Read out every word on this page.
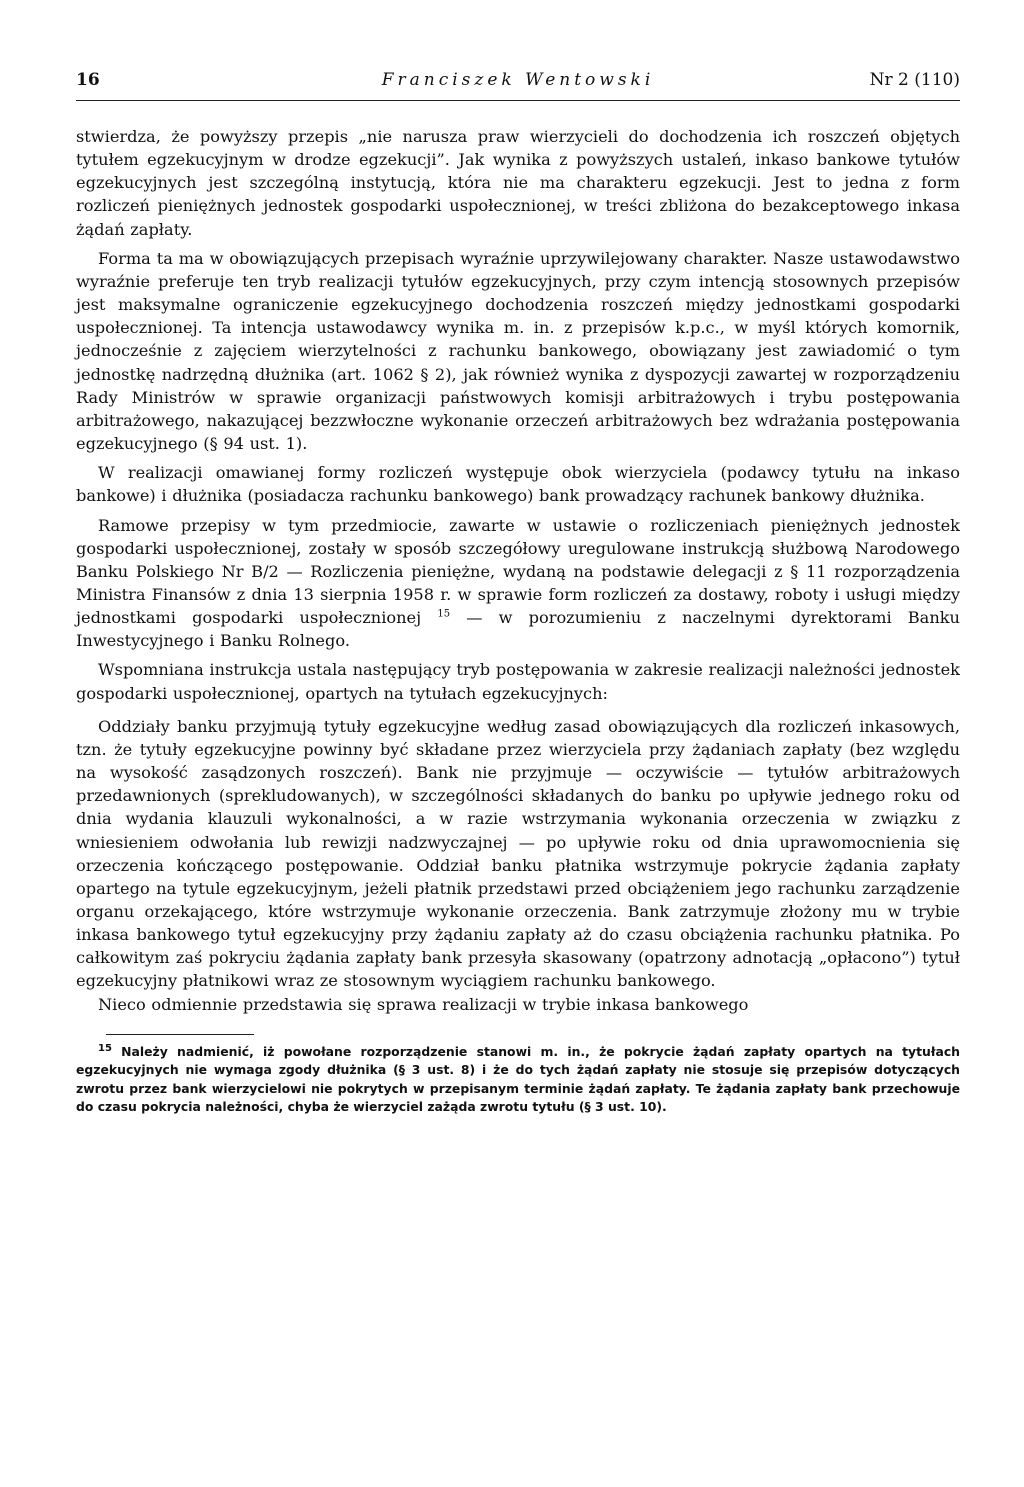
16	Franciszek Wentowski	Nr 2 (110)

stwierdza, że powyższy przepis „nie narusza praw wierzycieli do dochodzenia ich roszczeń objętych tytułem egzekucyjnym w drodze egzekucji”. Jak wynika z powyższych ustaleń, inkaso bankowe tytułów egzekucyjnych jest szczególną instytucją, która nie ma charakteru egzekucji. Jest to jedna z form rozliczeń pieniężnych jednostek gospodarki uspołecznionej, w treści zbliżona do bezakceptowego inkasa żądań zapłaty.

Forma ta ma w obowiązujących przepisach wyraźnie uprzywilejowany charakter. Nasze ustawodawstwo wyraźnie preferuje ten tryb realizacji tytułów egzekucyjnych, przy czym intencją stosownych przepisów jest maksymalne ograniczenie egzekucyjnego dochodzenia roszczeń między jednostkami gospodarki uspołecznionej. Ta intencja ustawodawcy wynika m. in. z przepisów k.p.c., w myśl których komornik, jednocześnie z zajęciem wierzytelności z rachunku bankowego, obowiązany jest zawiadomić o tym jednostkę nadrzędną dłużnika (art. 1062 § 2), jak również wynika z dyspozycji zawartej w rozporządzeniu Rady Ministrów w sprawie organizacji państwowych komisji arbitrażowych i trybu postępowania arbitrażowego, nakazującej bezzwłoczne wykonanie orzeczeń arbitrażowych bez wdrażania postępowania egzekucyjnego (§ 94 ust. 1).

W realizacji omawianej formy rozliczeń występuje obok wierzyciela (podawcy tytułu na inkaso bankowe) i dłużnika (posiadacza rachunku bankowego) bank prowadzący rachunek bankowy dłużnika.

Ramowe przepisy w tym przedmiocie, zawarte w ustawie o rozliczeniach pieniężnych jednostek gospodarki uspołecznionej, zostały w sposób szczegółowy uregulowane instrukcją służbową Narodowego Banku Polskiego Nr B/2 — Rozliczenia pieniężne, wydaną na podstawie delegacji z § 11 rozporządzenia Ministra Finansów z dnia 13 sierpnia 1958 r. w sprawie form rozliczeń za dostawy, roboty i usługi między jednostkami gospodarki uspołecznionej $^{15}$ — w porozumieniu z naczelnymi dyrektorami Banku Inwestycyjnego i Banku Rolnego.

Wspomniana instrukcja ustala następujący tryb postępowania w zakresie realizacji należności jednostek gospodarki uspołecznionej, opartych na tytułach egzekucyjnych:

Oddziały banku przyjmują tytuły egzekucyjne według zasad obowiązujących dla rozliczeń inkasowych, tzn. że tytuły egzekucyjne powinny być składane przez wierzyciela przy żądaniach zapłaty (bez względu na wysokość zasądzonych roszczeń). Bank nie przyjmuje — oczywiście — tytułów arbitrażowych przedawnionych (sprekludowanych), w szczególności składanych do banku po upływie jednego roku od dnia wydania klauzuli wykonalności, a w razie wstrzymania wykonania orzeczenia w związku z wniesieniem odwołania lub rewizji nadzwyczajnej — po upływie roku od dnia uprawomocnienia się orzeczenia kończącego postępowanie. Oddział banku płatnika wstrzymuje pokrycie żądania zapłaty opartego na tytule egzekucyjnym, jeżeli płatnik przedstawi przed obciążeniem jego rachunku zarządzenie organu orzekającego, które wstrzymuje wykonanie orzeczenia. Bank zatrzymuje złożony mu w trybie inkasa bankowego tytuł egzekucyjny przy żądaniu zapłaty aż do czasu obciążenia rachunku płatnika. Po całkowitym zaś pokryciu żądania zapłaty bank przesyła skasowany (opatrzony adnotacją „opłacono”) tytuł egzekucyjny płatnikowi wraz ze stosownym wyciągiem rachunku bankowego.

Nieco odmiennie przedstawia się sprawa realizacji w trybie inkasa bankowego

$^{15}$ Należy nadmienić, iż powołane rozporządzenie stanowi m. in., że pokrycie żądań zapłaty opartych na tytułach egzekucyjnych nie wymaga zgody dłużnika (§ 3 ust. 8) i że do tych żądań zapłaty nie stosuje się przepisów dotyczących zwrotu przez bank wierzycielowi nie pokrytych w przepisanym terminie żądań zapłaty. Te żądania zapłaty bank przechowuje do czasu pokrycia należności, chyba że wierzyciel zażąda zwrotu tytułu (§ 3 ust. 10).
